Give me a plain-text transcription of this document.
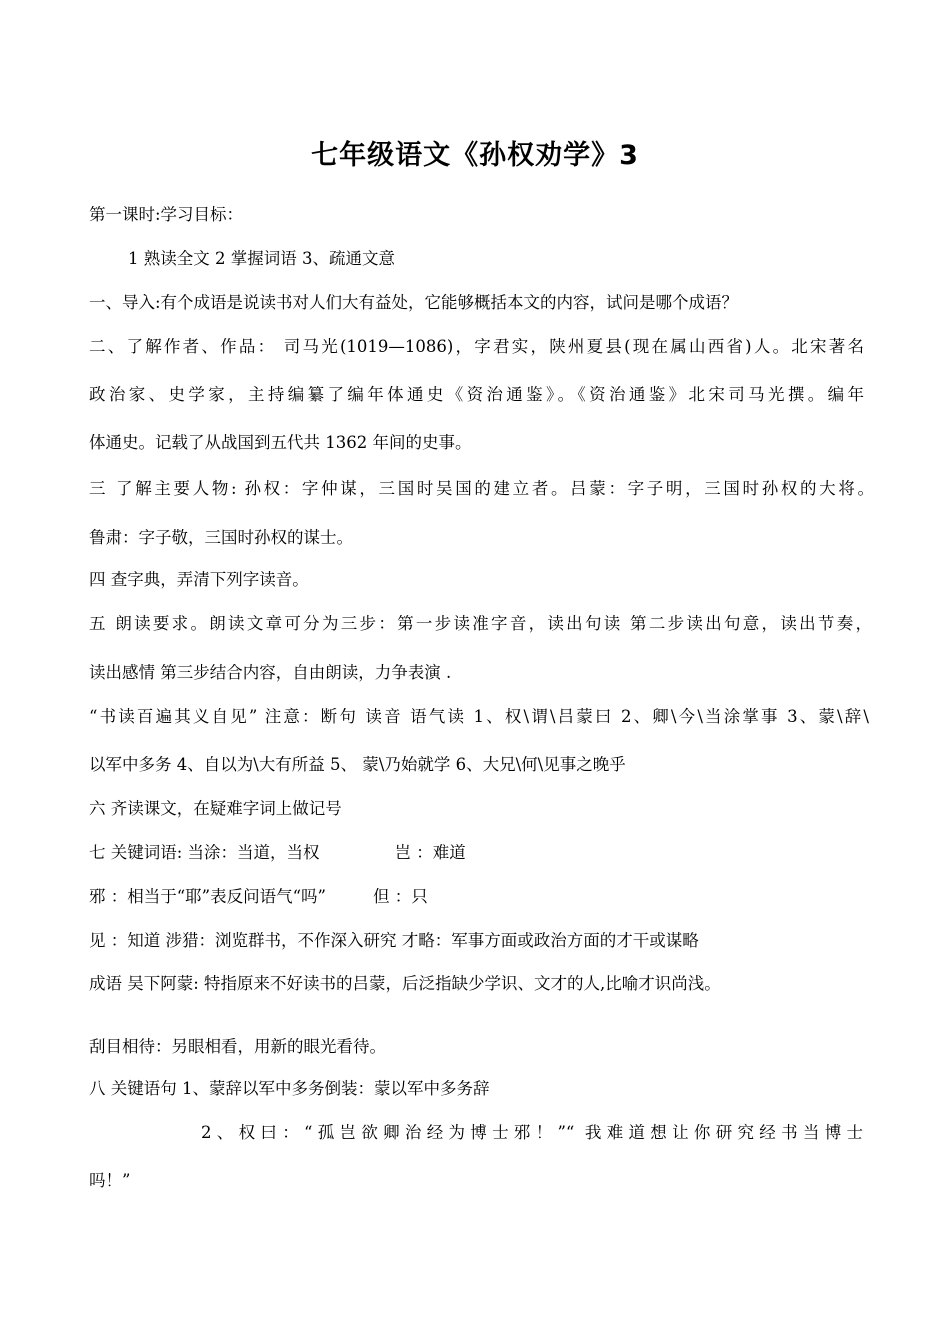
七年级语文《孙权劝学》3
第一课时:学习目标：
1 熟读全文 2 掌握词语 3、疏通文意
一、导入:有个成语是说读书对人们大有益处，它能够概括本文的内容，试问是哪个成语？
二、了解作者、作品： 司马光(1019—1086)，字君实，陕州夏县(现在属山西省)人。北宋著名
政治家、史学家，主持编纂了编年体通史《资治通鉴》。《资治通鉴》北宋司马光撰。编年
体通史。记载了从战国到五代共 1362 年间的史事。
三 了解主要人物: 孙权：字仲谋，三国时吴国的建立者。吕蒙：字子明，三国时孙权的大将。
鲁肃：字子敬，三国时孙权的谋士。
四 查字典，弄清下列字读音。
五 朗读要求。朗读文章可分为三步：第一步读准字音，读出句读 第二步读出句意，读出节奏，
读出感情 第三步结合内容，自由朗读，力争表演 .
“书读百遍其义自见” 注意：断句 读音 语气读 1、权\谓\吕蒙曰 2、卿\今\当涂掌事 3、蒙\辞\
以军中多务 4、自以为\大有所益 5、 蒙\乃始就学 6、大兄\何\见事之晚乎
六 齐读课文，在疑难字词上做记号
七 关键词语: 当涂：当道，当权	岂 ：难道
邪 ：相当于“耶”表反问语气“吗”	但 ：只
见 ：知道 涉猎：浏览群书，不作深入研究 才略：军事方面或政治方面的才干或谋略
成语 吴下阿蒙: 特指原来不好读书的吕蒙，后泛指缺少学识、文才的人,比喻才识尚浅。
刮目相待：另眼相看，用新的眼光看待。
八 关键语句 1、蒙辞以军中多务倒装：蒙以军中多务辞
2、权曰：“孤岂欲卿治经为博士邪！”“ 我难道想让你研究经书当博士
吗！”
